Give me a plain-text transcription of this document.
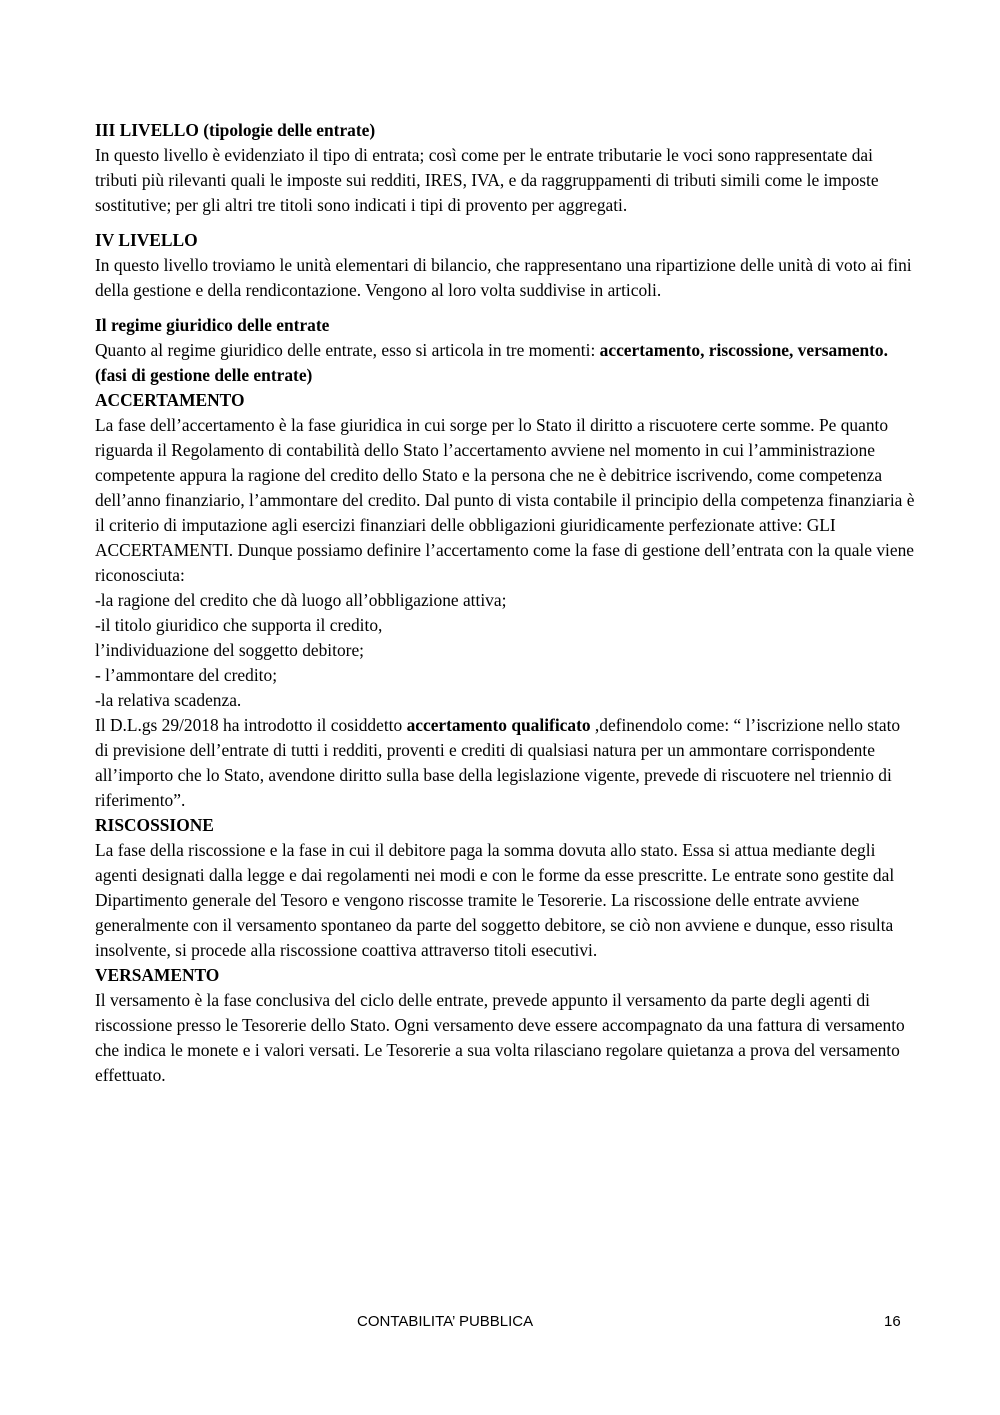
III LIVELLO (tipologie delle entrate)

In questo livello è evidenziato il tipo di entrata; così come per le entrate tributarie le voci sono rappresentate dai tributi più rilevanti quali le imposte sui redditi, IRES, IVA, e da raggruppamenti di tributi simili come le imposte sostitutive; per gli altri tre titoli sono indicati i tipi di provento per aggregati.

IV LIVELLO

In questo livello troviamo le unità elementari di bilancio, che rappresentano una ripartizione delle unità di voto ai fini della gestione e della rendicontazione. Vengono al loro volta suddivise in articoli.

Il regime giuridico delle entrate

Quanto al regime giuridico delle entrate, esso si articola in tre momenti: accertamento, riscossione, versamento. (fasi di gestione delle entrate)

ACCERTAMENTO

La fase dell’accertamento è la fase giuridica in cui sorge per lo Stato il diritto a riscuotere certe somme. Pe quanto riguarda il Regolamento di contabilità dello Stato l’accertamento avviene nel momento in cui l’amministrazione competente appura la ragione del credito dello Stato e la persona che ne è debitrice iscrivendo, come competenza dell’anno finanziario, l’ammontare del credito. Dal punto di vista contabile il principio della competenza finanziaria è il criterio di imputazione agli esercizi finanziari delle obbligazioni giuridicamente perfezionate attive: GLI ACCERTAMENTI. Dunque possiamo definire l’accertamento come la fase di gestione dell’entrata con la quale viene riconosciuta:

-la ragione del credito che dà luogo all’obbligazione attiva;

-il titolo giuridico che supporta il credito,

l’individuazione del soggetto debitore;

- l’ammontare del credito;

-la relativa scadenza.

Il D.L.gs 29/2018 ha introdotto il cosiddetto accertamento qualificato ,definendolo come: “ l’iscrizione nello stato di previsione dell’entrate di tutti i redditi, proventi e crediti di qualsiasi natura per un ammontare corrispondente all’importo che lo Stato, avendone diritto sulla base della legislazione vigente, prevede di riscuotere nel triennio di riferimento”.

RISCOSSIONE

La fase della riscossione e la fase in cui il debitore paga la somma dovuta allo stato. Essa si attua mediante degli agenti designati dalla legge e dai regolamenti nei modi e con le forme da esse prescritte. Le entrate sono gestite dal Dipartimento generale del Tesoro e vengono riscosse tramite le Tesorerie. La riscossione delle entrate avviene generalmente con il versamento spontaneo da parte del soggetto debitore, se ciò non avviene e dunque, esso risulta insolvente, si procede alla riscossione coattiva attraverso titoli esecutivi.

VERSAMENTO

Il versamento è la fase conclusiva del ciclo delle entrate, prevede appunto il versamento da parte degli agenti di riscossione presso le Tesorerie dello Stato. Ogni versamento deve essere accompagnato da una fattura di versamento che indica le monete e i valori versati. Le Tesorerie a sua volta rilasciano regolare quietanza a prova del versamento effettuato.

CONTABILITA’ PUBBLICA	16
